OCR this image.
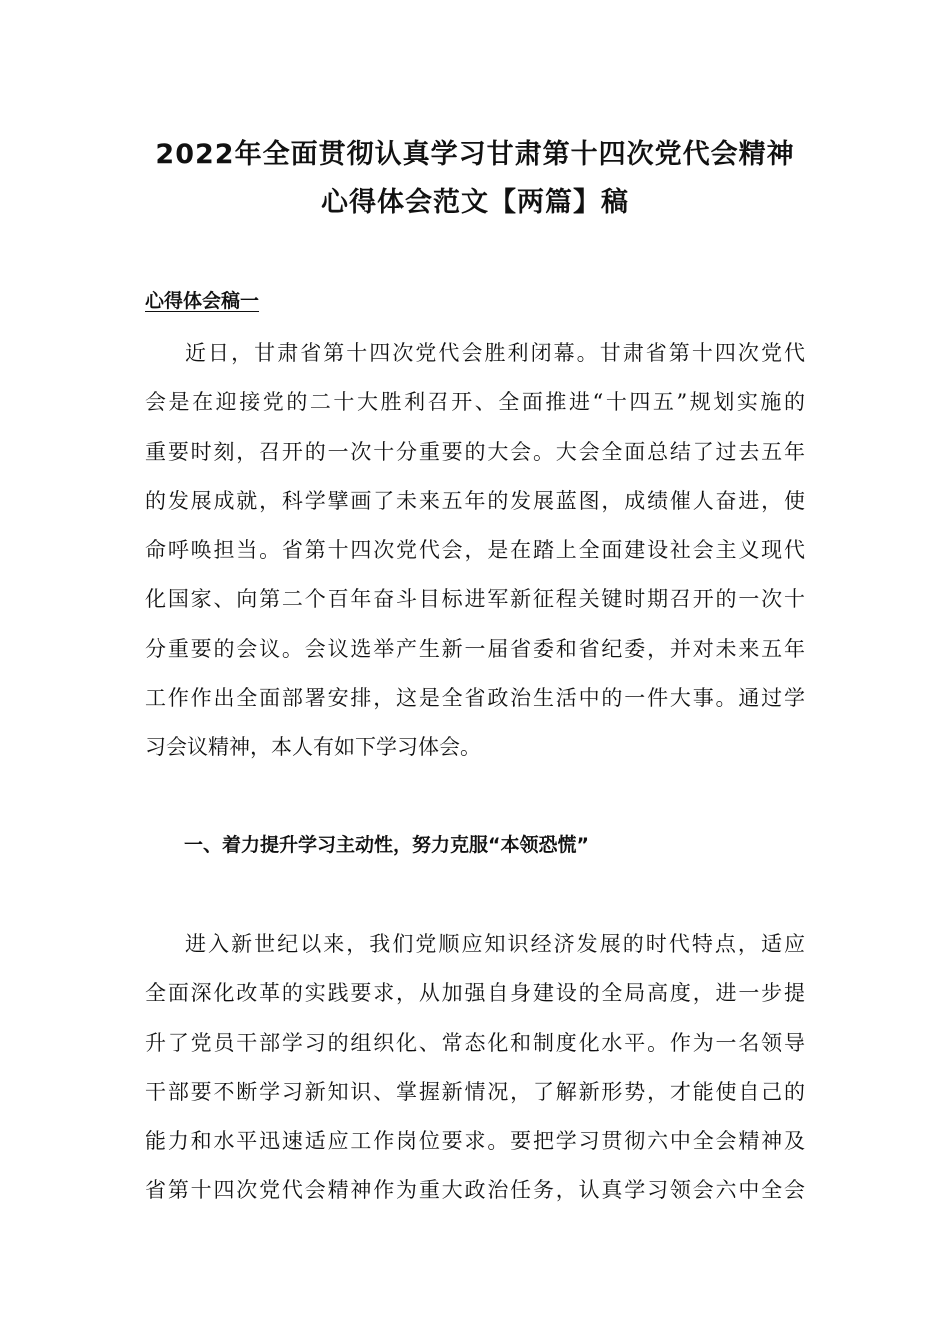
2022年全面贯彻认真学习甘肃第十四次党代会精神
心得体会范文【两篇】稿
心得体会稿一
近日，甘肃省第十四次党代会胜利闭幕。甘肃省第十四次党代
会是在迎接党的二十大胜利召开、全面推进“十四五”规划实施的
重要时刻，召开的一次十分重要的大会。大会全面总结了过去五年
的发展成就，科学擘画了未来五年的发展蓝图，成绩催人奋进，使
命呼唤担当。省第十四次党代会，是在踏上全面建设社会主义现代
化国家、向第二个百年奋斗目标进军新征程关键时期召开的一次十
分重要的会议。会议选举产生新一届省委和省纪委，并对未来五年
工作作出全面部署安排，这是全省政治生活中的一件大事。通过学
习会议精神，本人有如下学习体会。
一、着力提升学习主动性，努力克服“本领恐慌”
进入新世纪以来，我们党顺应知识经济发展的时代特点，适应
全面深化改革的实践要求，从加强自身建设的全局高度，进一步提
升了党员干部学习的组织化、常态化和制度化水平。作为一名领导
干部要不断学习新知识、掌握新情况，了解新形势，才能使自己的
能力和水平迅速适应工作岗位要求。要把学习贯彻六中全会精神及
省第十四次党代会精神作为重大政治任务，认真学习领会六中全会
